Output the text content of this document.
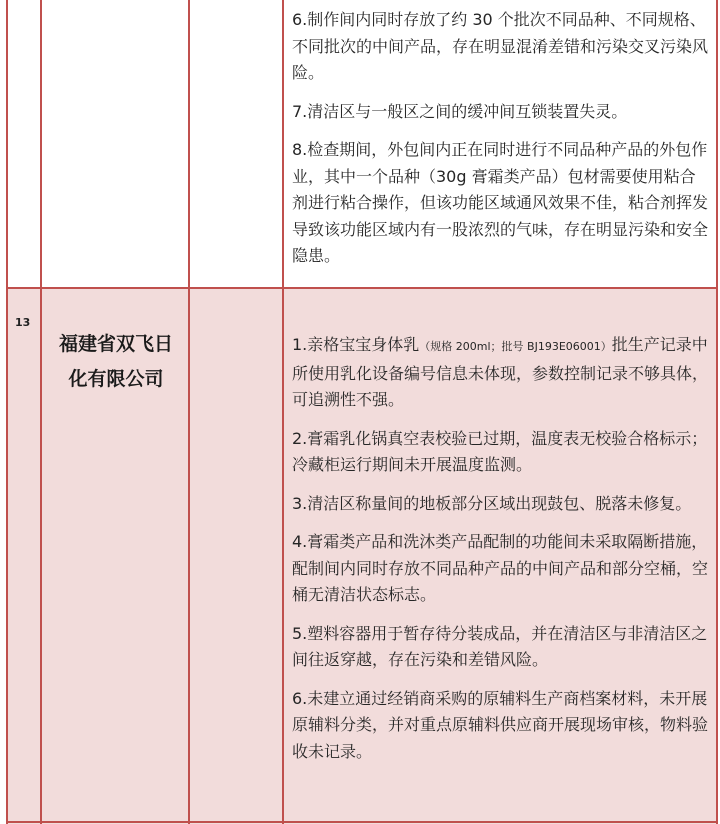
6.制作间内同时存放了约 30 个批次不同品种、不同规格、不同批次的中间产品，存在明显混淆差错和污染交叉污染风险。

7.清洁区与一般区之间的缓冲间互锁装置失灵。

8.检查期间，外包间内正在同时进行不同品种产品的外包作业，其中一个品种（30g 膏霜类产品）包材需要使用粘合剂进行粘合操作，但该功能区域通风效果不佳，粘合剂挥发导致该功能区域内有一股浓烈的气味，存在明显污染和安全隐患。

13
福建省双飞日化有限公司

1.亲格宝宝身体乳（规格 200ml；批号 BJ193E06001）批生产记录中所使用乳化设备编号信息未体现，参数控制记录不够具体，可追溯性不强。

2.膏霜乳化锅真空表校验已过期，温度表无校验合格标示；冷藏柜运行期间未开展温度监测。

3.清洁区称量间的地板部分区域出现鼓包、脱落未修复。

4.膏霜类产品和洗沐类产品配制的功能间未采取隔断措施，配制间内同时存放不同品种产品的中间产品和部分空桶，空桶无清洁状态标志。

5.塑料容器用于暂存待分装成品，并在清洁区与非清洁区之间往返穿越，存在污染和差错风险。

6.未建立通过经销商采购的原辅料生产商档案材料，未开展原辅料分类，并对重点原辅料供应商开展现场审核，物料验收未记录。
